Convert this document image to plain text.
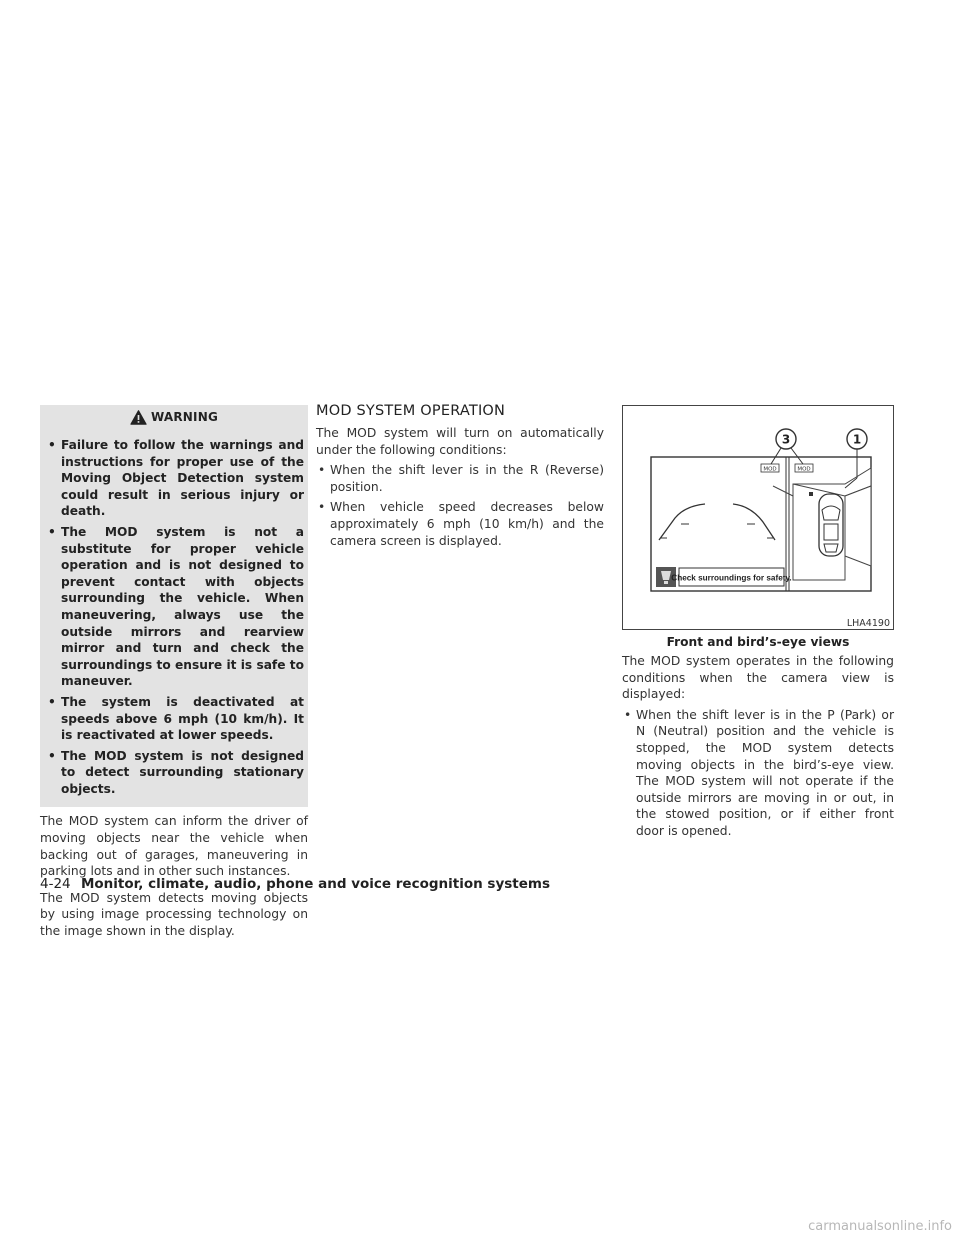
WARNING
• Failure to follow the warnings and instructions for proper use of the Moving Object Detection system could result in serious injury or death.
• The MOD system is not a substitute for proper vehicle operation and is not designed to prevent contact with objects surrounding the vehicle. When maneuvering, always use the outside mirrors and rearview mirror and turn and check the surroundings to ensure it is safe to maneuver.
• The system is deactivated at speeds above 6 mph (10 km/h). It is reactivated at lower speeds.
• The MOD system is not designed to detect surrounding stationary objects.

The MOD system can inform the driver of moving objects near the vehicle when backing out of garages, maneuvering in parking lots and in other such instances.

The MOD system detects moving objects by using image processing technology on the image shown in the display.

MOD SYSTEM OPERATION

The MOD system will turn on automatically under the following conditions:

• When the shift lever is in the R (Reverse) position.
• When vehicle speed decreases below approximately 6 mph (10 km/h) and the camera screen is displayed.
MOD	MOD
3	1
Check surroundings for safety.
LHA4190
Front and bird’s-eye views

The MOD system operates in the following conditions when the camera view is displayed:

• When the shift lever is in the P (Park) or N (Neutral) position and the vehicle is stopped, the MOD system detects moving objects in the bird’s-eye view. The MOD system will not operate if the outside mirrors are moving in or out, in the stowed position, or if either front door is opened.
4-24 Monitor, climate, audio, phone and voice recognition systems
carmanualsonline.info
